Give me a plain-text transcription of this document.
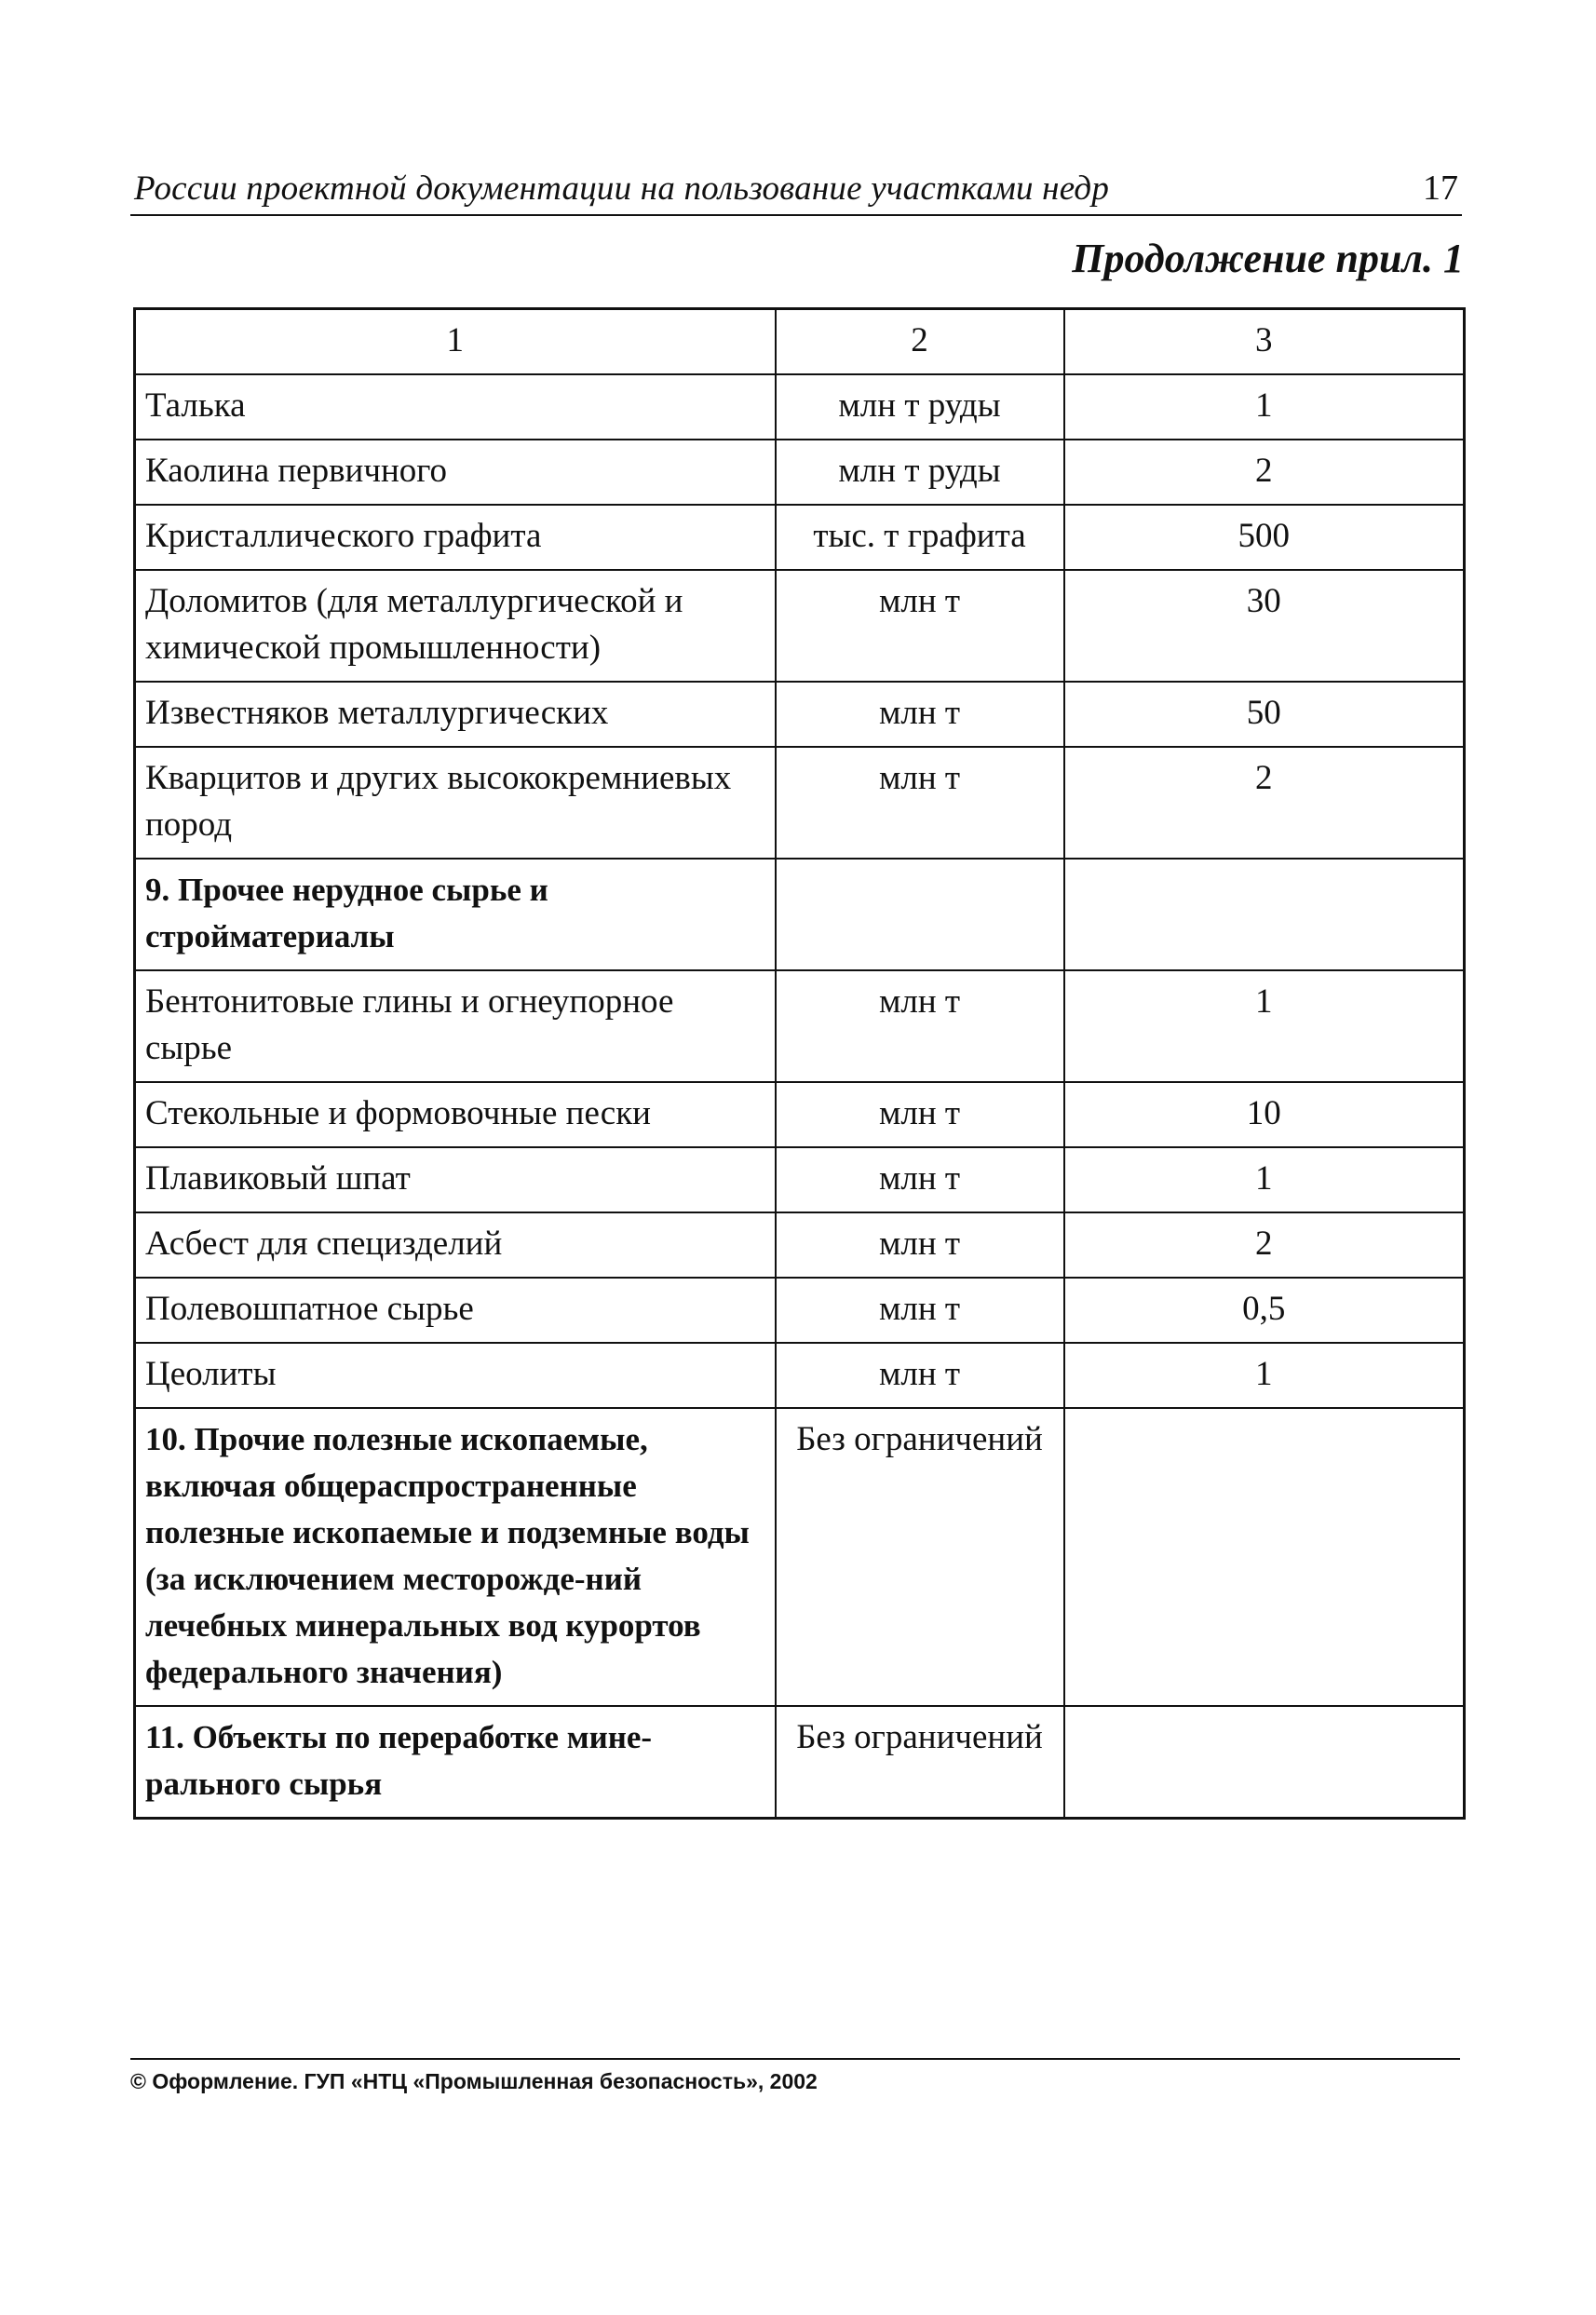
России проектной документации на пользование участками недр	17
Продолжение прил. 1
1	2	3
Талька	млн т руды	1
Каолина первичного	млн т руды	2
Кристаллического графита	тыс. т графита	500
Доломитов (для металлургической и химической промышленности)	млн т	30
Известняков металлургических	млн т	50
Кварцитов и других высококремниевых пород	млн т	2
9. Прочее нерудное сырье и стройматериалы		
Бентонитовые глины и огнеупорное сырье	млн т	1
Стекольные и формовочные пески	млн т	10
Плавиковый шпат	млн т	1
Асбест для специзделий	млн т	2
Полевошпатное сырье	млн т	0,5
Цеолиты	млн т	1
10. Прочие полезные ископаемые, включая общераспространенные полезные ископаемые и подземные воды (за исключением месторожде-ний лечебных минеральных вод курортов федерального значения)	Без ограничений	
11. Объекты по переработке мине-рального сырья	Без ограничений	
© Оформление. ГУП «НТЦ «Промышленная безопасность», 2002
